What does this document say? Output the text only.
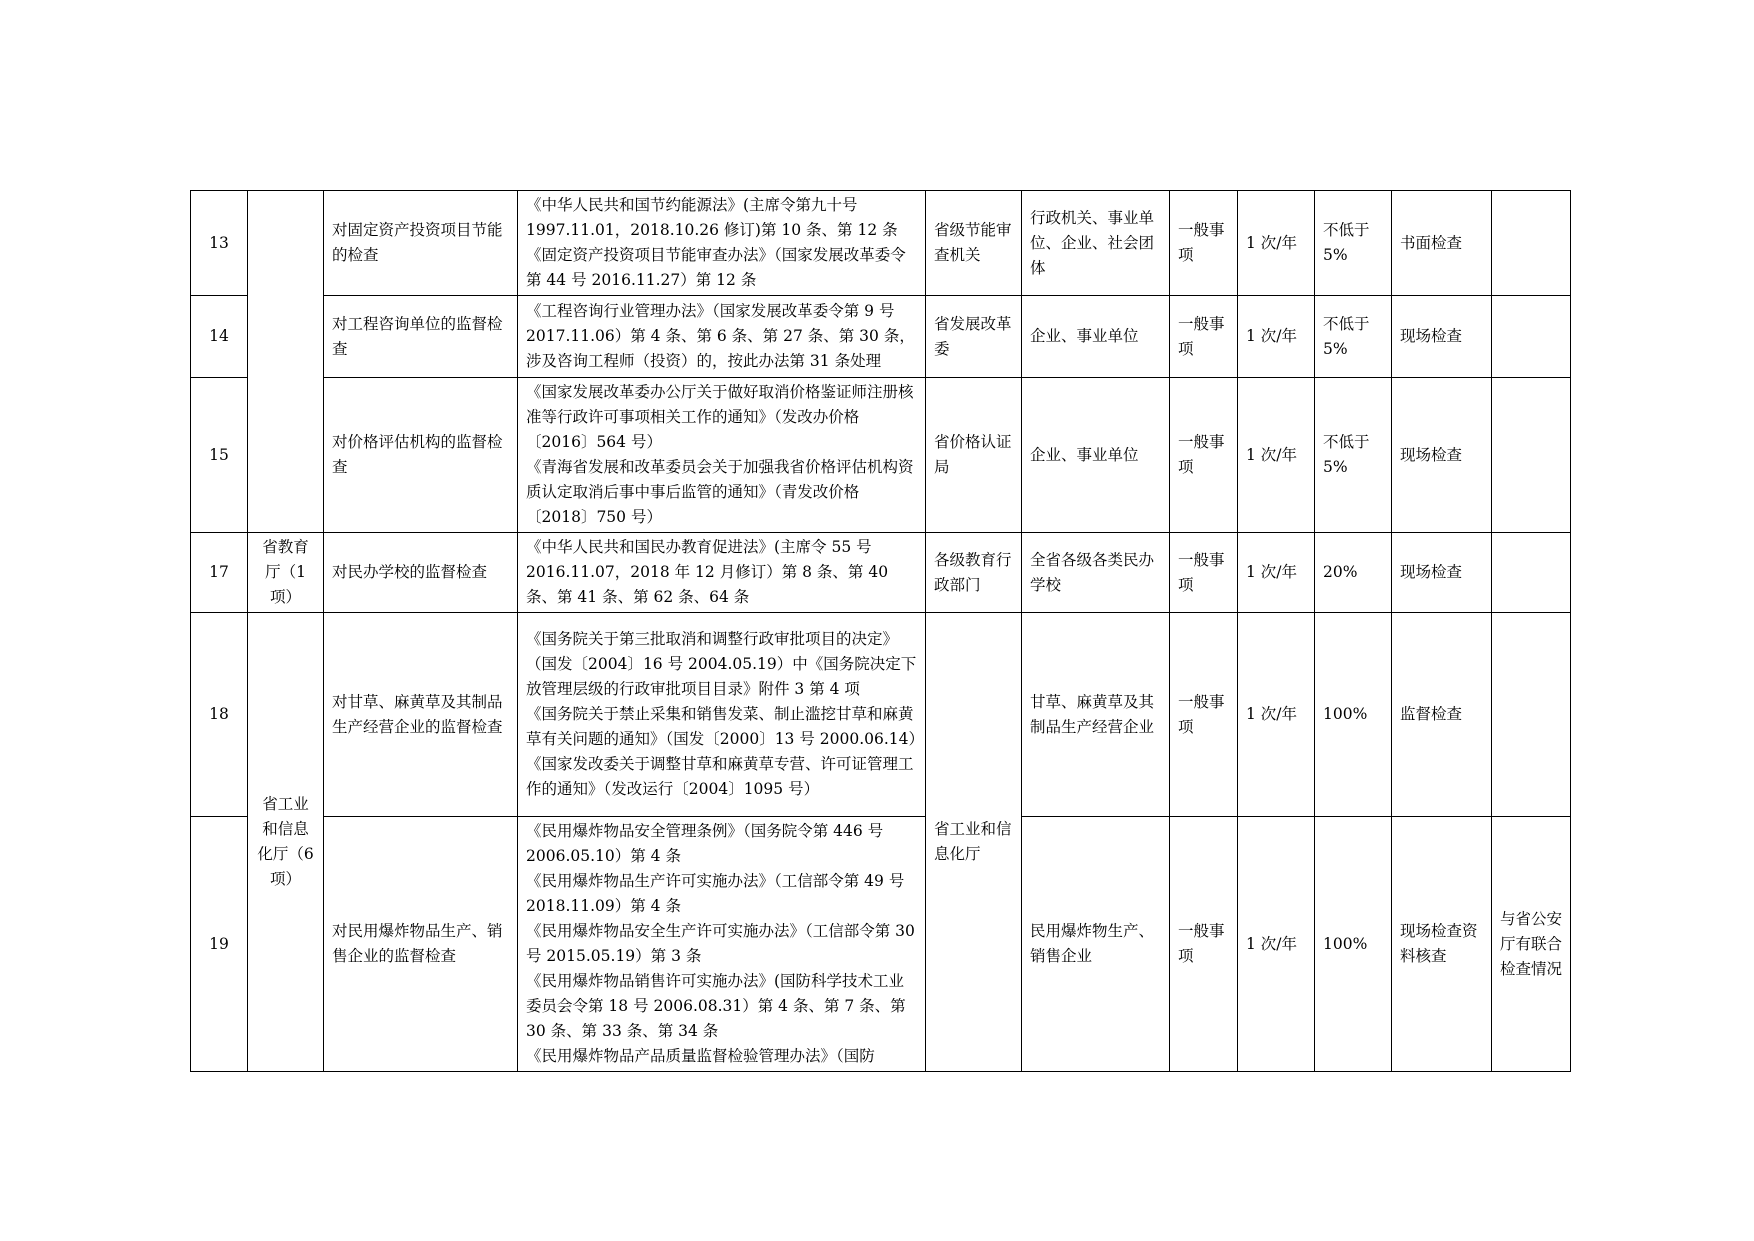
13		对固定资产投资项目节能的检查	《中华人民共和国节约能源法》(主席令第九十号 1997.11.01，2018.10.26 修订)第 10 条、第 12 条
《固定资产投资项目节能审查办法》（国家发展改革委令第 44 号 2016.11.27）第 12 条	省级节能审查机关	行政机关、事业单位、企业、社会团体	一般事项	1 次/年	不低于5%	书面检查	
14		对工程咨询单位的监督检查	《工程咨询行业管理办法》（国家发展改革委令第 9 号 2017.11.06）第 4 条、第 6 条、第 27 条、第 30 条，涉及咨询工程师（投资）的，按此办法第 31 条处理	省发展改革委	企业、事业单位	一般事项	1 次/年	不低于5%	现场检查	
15		对价格评估机构的监督检查	《国家发展改革委办公厅关于做好取消价格鉴证师注册核准等行政许可事项相关工作的通知》（发改办价格〔2016〕564 号）
《青海省发展和改革委员会关于加强我省价格评估机构资质认定取消后事中事后监管的通知》（青发改价格〔2018〕750 号）	省价格认证局	企业、事业单位	一般事项	1 次/年	不低于5%	现场检查	
17	省教育厅（1 项）	对民办学校的监督检查	《中华人民共和国民办教育促进法》(主席令 55 号 2016.11.07，2018 年 12 月修订）第 8 条、第 40 条、第 41 条、第 62 条、64 条	各级教育行政部门	全省各级各类民办学校	一般事项	1 次/年	20%	现场检查	
18	省工业和信息化厅（6 项）	对甘草、麻黄草及其制品生产经营企业的监督检查	《国务院关于第三批取消和调整行政审批项目的决定》（国发〔2004〕16 号 2004.05.19）中《国务院决定下放管理层级的行政审批项目目录》附件 3 第 4 项
《国务院关于禁止采集和销售发菜、制止滥挖甘草和麻黄草有关问题的通知》（国发〔2000〕13 号 2000.06.14）
《国家发改委关于调整甘草和麻黄草专营、许可证管理工作的通知》（发改运行〔2004〕1095 号）	省工业和信息化厅	甘草、麻黄草及其制品生产经营企业	一般事项	1 次/年	100%	监督检查	
19		对民用爆炸物品生产、销售企业的监督检查	《民用爆炸物品安全管理条例》（国务院令第 446 号 2006.05.10）第 4 条
《民用爆炸物品生产许可实施办法》（工信部令第 49 号 2018.11.09）第 4 条
《民用爆炸物品安全生产许可实施办法》（工信部令第 30 号 2015.05.19）第 3 条
《民用爆炸物品销售许可实施办法》(国防科学技术工业委员会令第 18 号 2006.08.31）第 4 条、第 7 条、第 30 条、第 33 条、第 34 条
《民用爆炸物品产品质量监督检验管理办法》（国防		民用爆炸物生产、销售企业	一般事项	1 次/年	100%	现场检查资料核查	与省公安厅有联合检查情况
